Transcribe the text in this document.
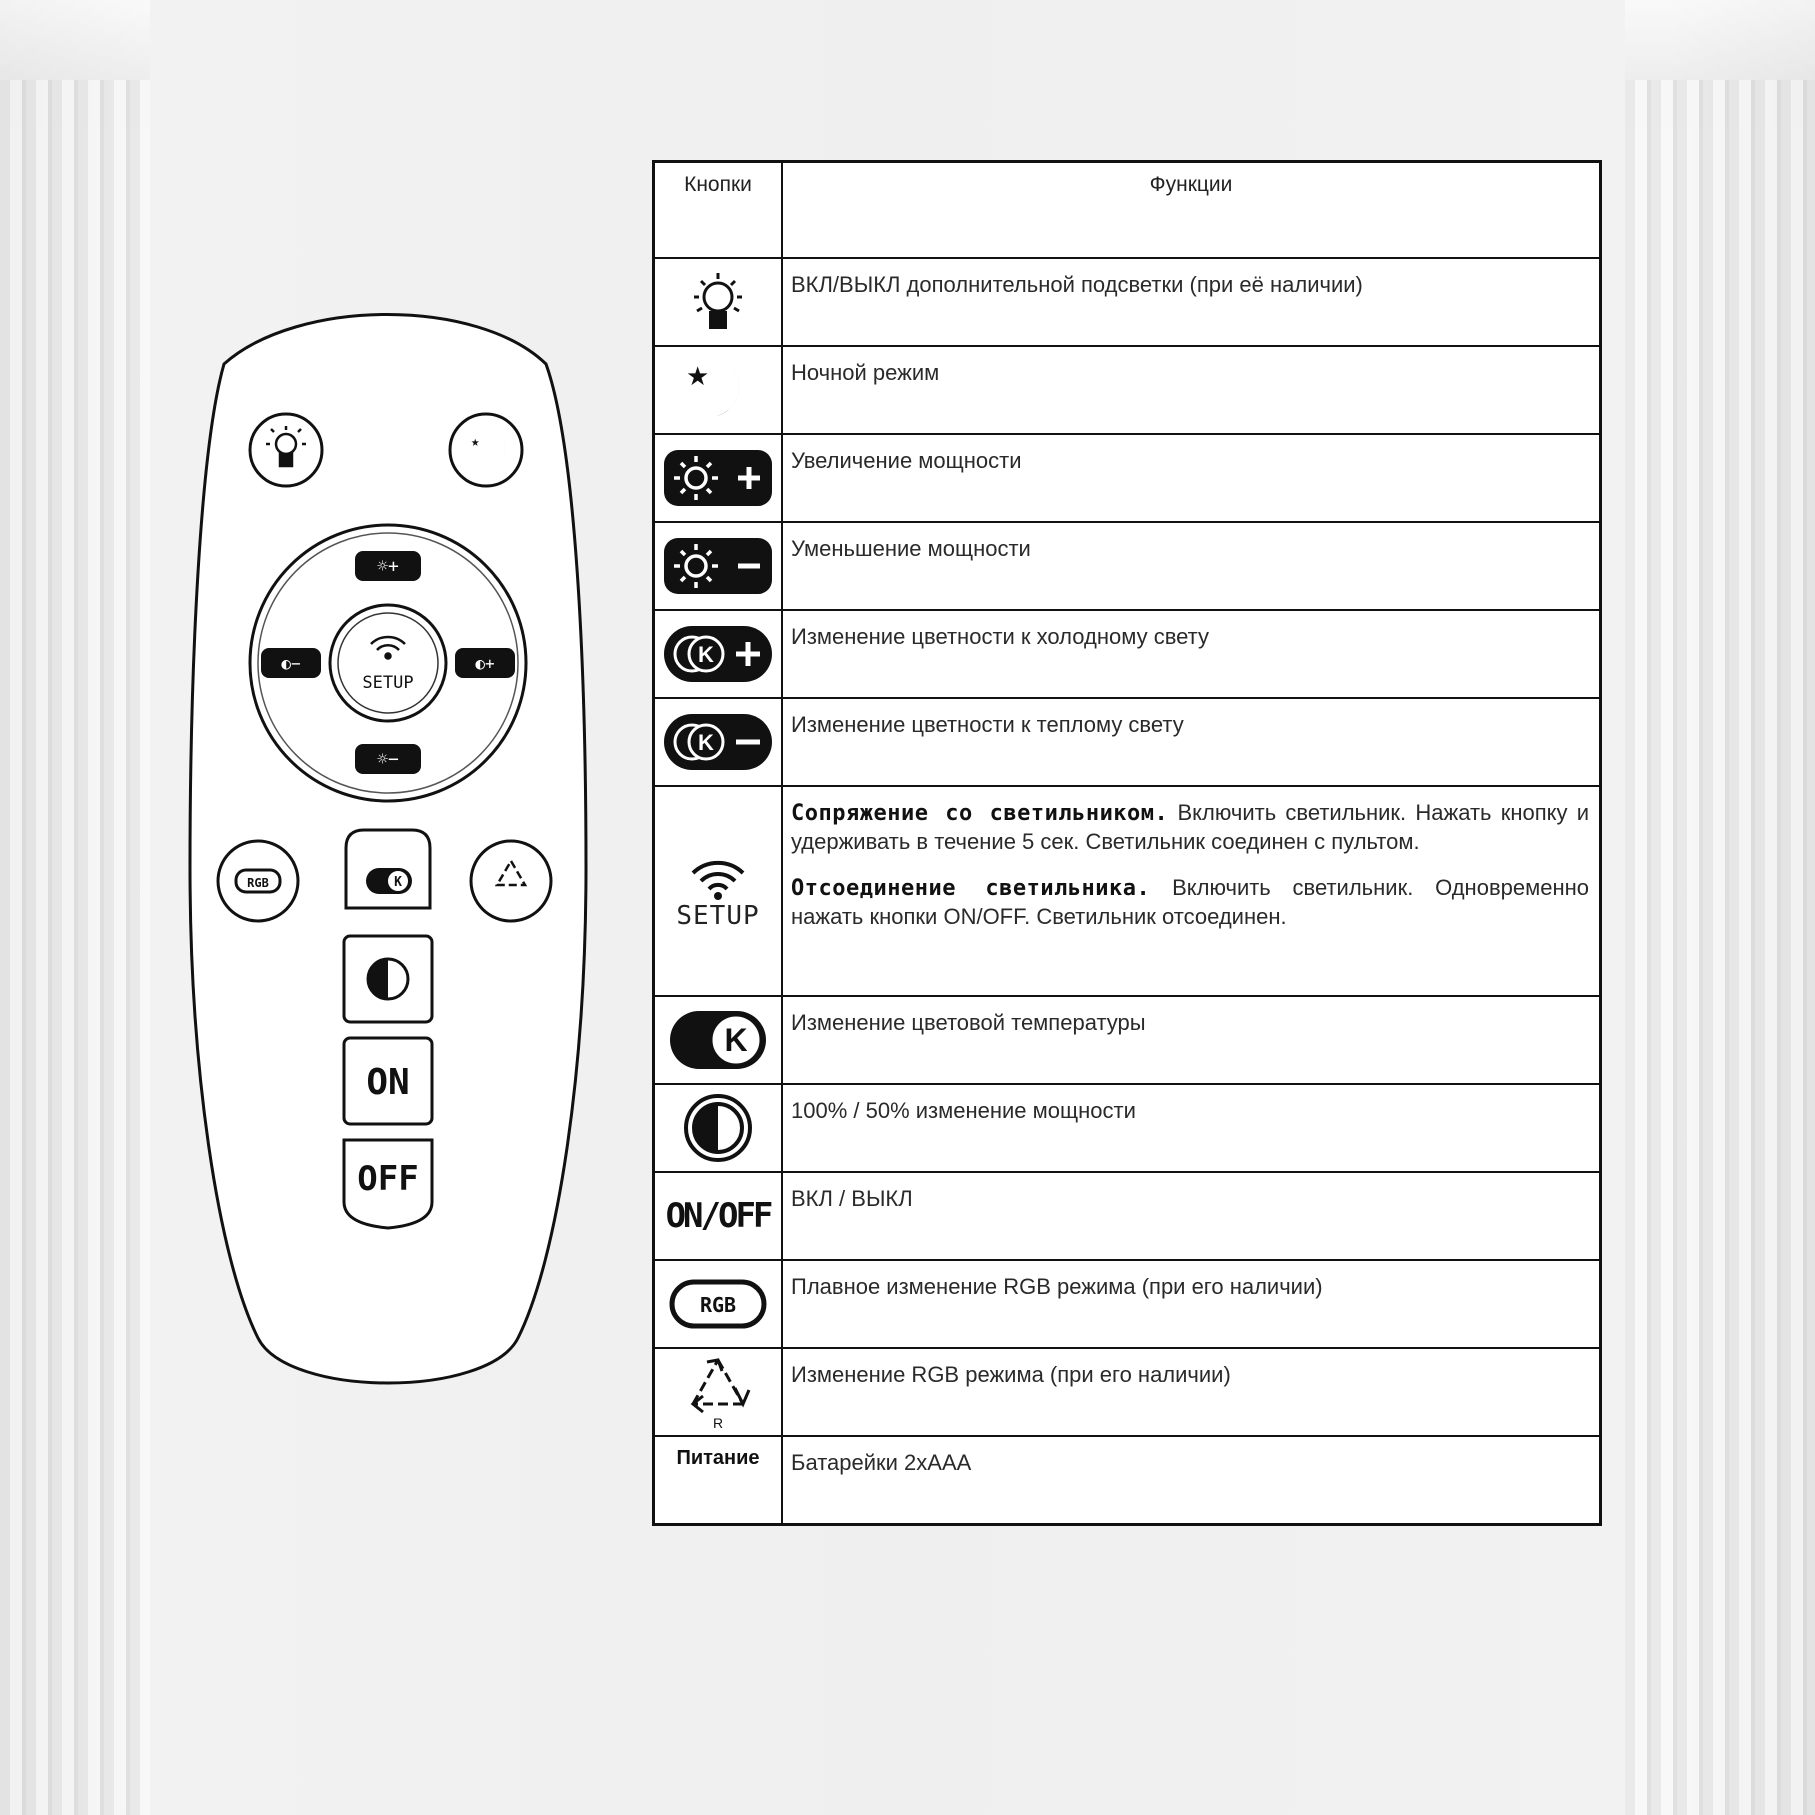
★
☼+
☼−
◐−	◐+
SETUP
RGB	K
ON
OFF
Кнопки	Функции

	ВКЛ/ВЫКЛ дополнительной подсветки (при её наличии)

★	Ночной режим

	Увеличение мощности

	Уменьшение мощности

K	Изменение цветности к холодному свету

K	Изменение цветности к теплому свету

SETUP	Сопряжение со светильником. Включить светильник. Нажать кнопку и удерживать в течение 5 сек. Светильник соединен с пультом.

Отсоединение светильника. Включить светильник. Одновременно нажать кнопки ON/OFF. Светильник отсоединен.

K	Изменение цветовой температуры

	100% / 50% изменение мощности

ON/OFF	ВКЛ / ВЫКЛ

RGB	Плавное изменение RGB режима (при его наличии)

R	Изменение RGB режима (при его наличии)

Питание	Батарейки 2хААА
